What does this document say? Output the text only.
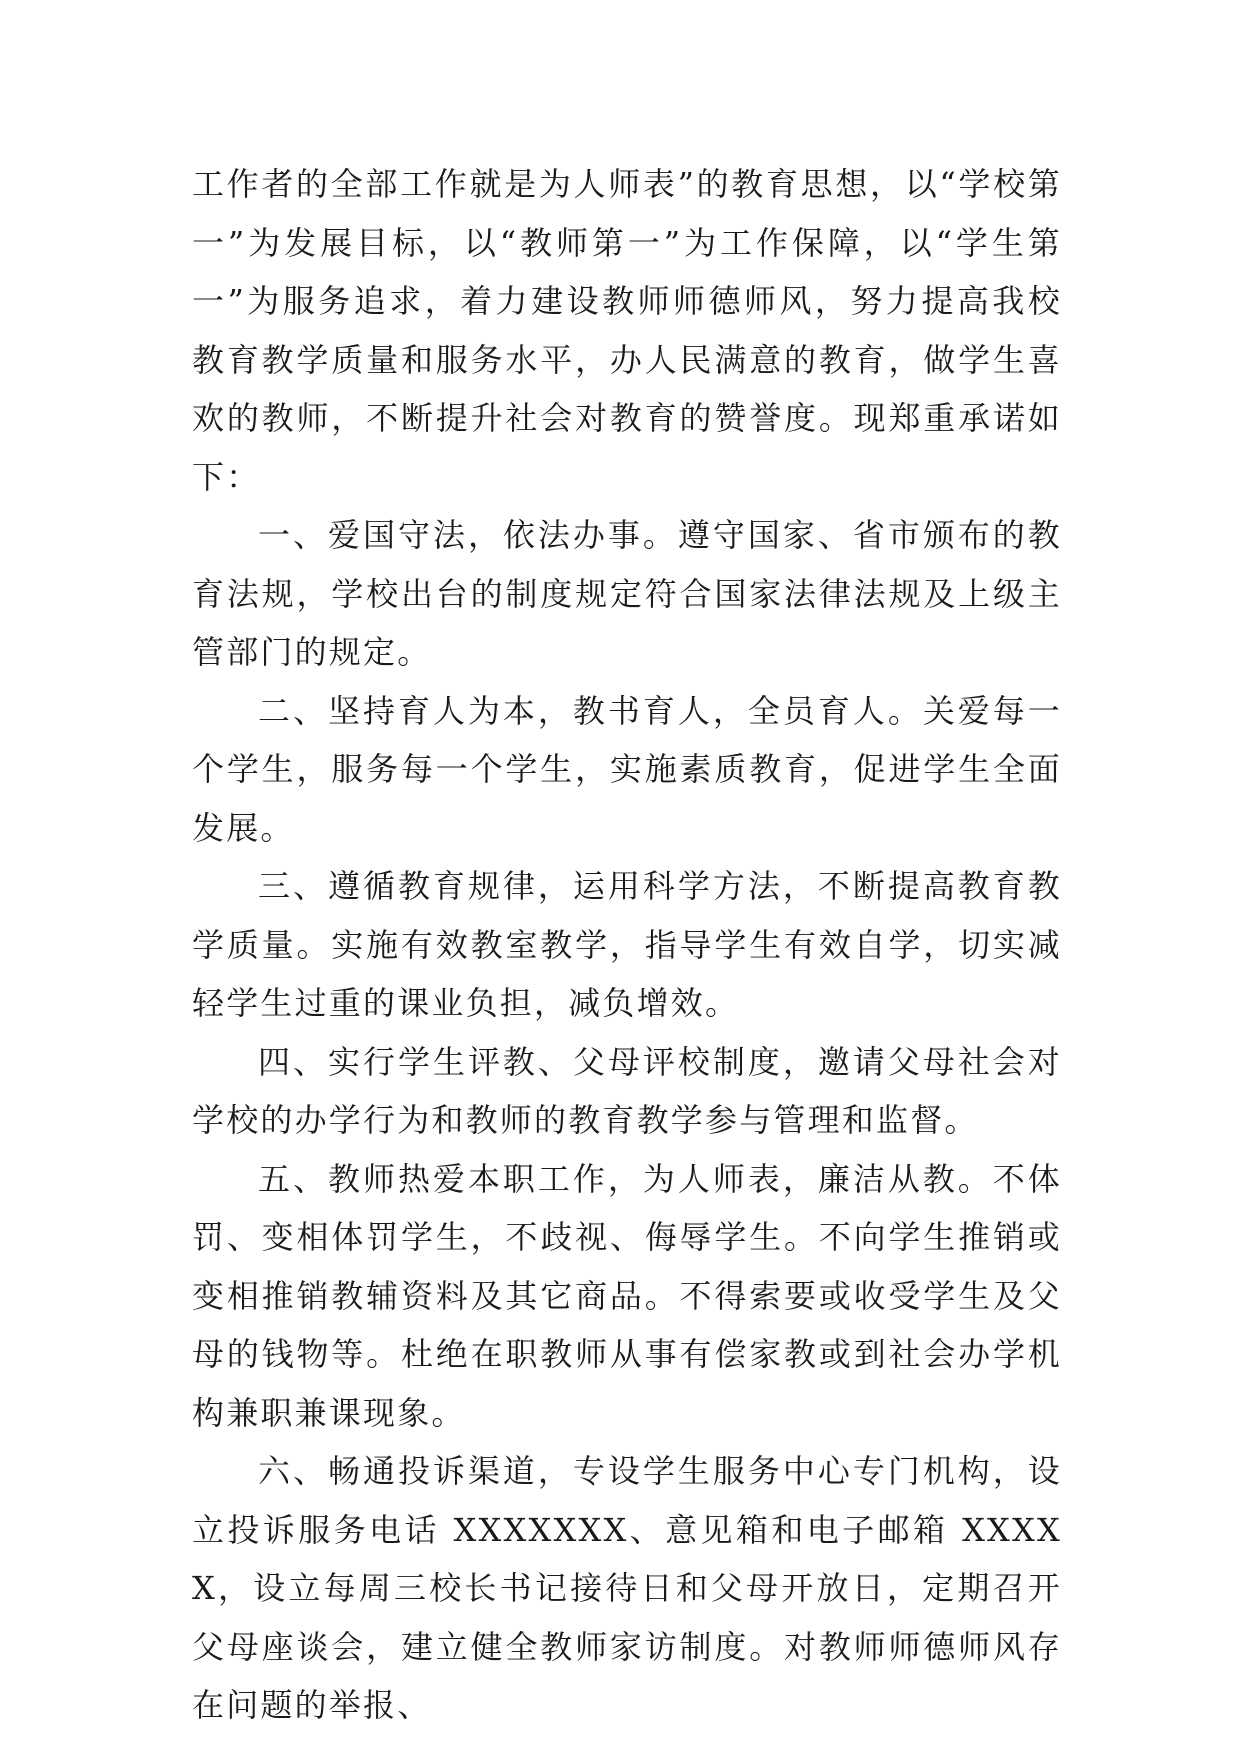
工作者的全部工作就是为人师表”的教育思想，以“学校第一”为发展目标，以“教师第一”为工作保障，以“学生第一”为服务追求，着力建设教师师德师风，努力提高我校教育教学质量和服务水平，办人民满意的教育，做学生喜欢的教师，不断提升社会对教育的赞誉度。现郑重承诺如下：

一、爱国守法，依法办事。遵守国家、省市颁布的教育法规，学校出台的制度规定符合国家法律法规及上级主管部门的规定。

二、坚持育人为本，教书育人，全员育人。关爱每一个学生，服务每一个学生，实施素质教育，促进学生全面发展。

三、遵循教育规律，运用科学方法，不断提高教育教学质量。实施有效教室教学，指导学生有效自学，切实减轻学生过重的课业负担，减负增效。

四、实行学生评教、父母评校制度，邀请父母社会对学校的办学行为和教师的教育教学参与管理和监督。

五、教师热爱本职工作，为人师表，廉洁从教。不体罚、变相体罚学生，不歧视、侮辱学生。不向学生推销或变相推销教辅资料及其它商品。不得索要或收受学生及父母的钱物等。杜绝在职教师从事有偿家教或到社会办学机构兼职兼课现象。

六、畅通投诉渠道，专设学生服务中心专门机构，设立投诉服务电话 XXXXXXX、意见箱和电子邮箱 XXXXX，设立每周三校长书记接待日和父母开放日，定期召开父母座谈会，建立健全教师家访制度。对教师师德师风存在问题的举报、
